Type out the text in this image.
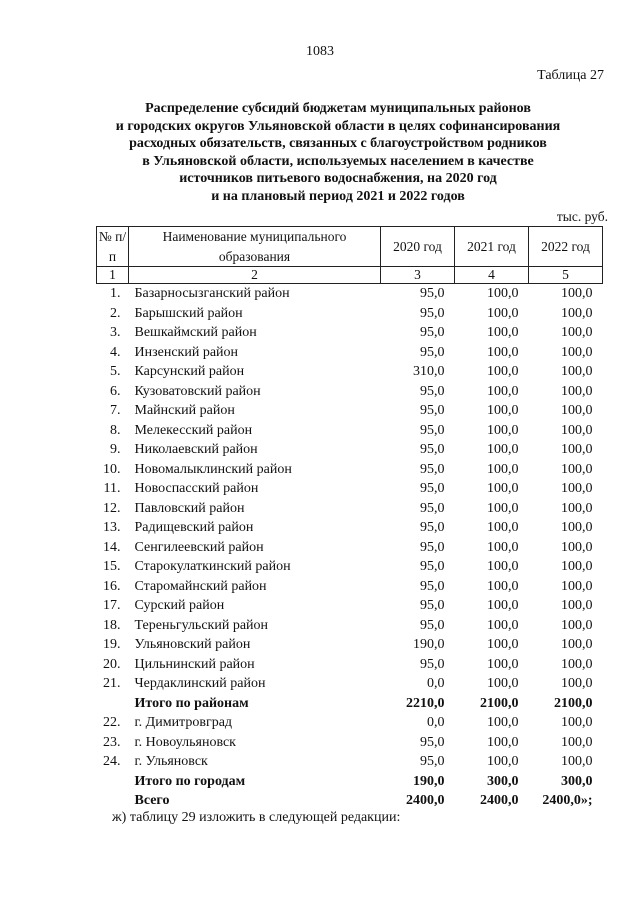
1083
Таблица 27
Распределение субсидий бюджетам муниципальных районов
и городских округов Ульяновской области в целях софинансирования
расходных обязательств, связанных с благоустройством родников
в Ульяновской области, используемых населением в качестве
источников питьевого водоснабжения, на 2020 год
и на плановый период 2021 и 2022 годов
тыс. руб.
№ п/п	Наименование муниципального образования	2020 год	2021 год	2022 год
1	2	3	4	5
1.	Базарносызганский район	95,0	100,0	100,0
2.	Барышский район	95,0	100,0	100,0
3.	Вешкаймский район	95,0	100,0	100,0
4.	Инзенский район	95,0	100,0	100,0
5.	Карсунский район	310,0	100,0	100,0
6.	Кузоватовский район	95,0	100,0	100,0
7.	Майнский район	95,0	100,0	100,0
8.	Мелекесский район	95,0	100,0	100,0
9.	Николаевский район	95,0	100,0	100,0
10.	Новомалыклинский район	95,0	100,0	100,0
11.	Новоспасский район	95,0	100,0	100,0
12.	Павловский район	95,0	100,0	100,0
13.	Радищевский район	95,0	100,0	100,0
14.	Сенгилеевский район	95,0	100,0	100,0
15.	Старокулаткинский район	95,0	100,0	100,0
16.	Старомайнский район	95,0	100,0	100,0
17.	Сурский район	95,0	100,0	100,0
18.	Тереньгульский район	95,0	100,0	100,0
19.	Ульяновский район	190,0	100,0	100,0
20.	Цильнинский район	95,0	100,0	100,0
21.	Чердаклинский район	0,0	100,0	100,0
	Итого по районам	2210,0	2100,0	2100,0
22.	г. Димитровград	0,0	100,0	100,0
23.	г. Новоульяновск	95,0	100,0	100,0
24.	г. Ульяновск	95,0	100,0	100,0
	Итого по городам	190,0	300,0	300,0
	Всего	2400,0	2400,0	2400,0»;
ж) таблицу 29 изложить в следующей редакции:
